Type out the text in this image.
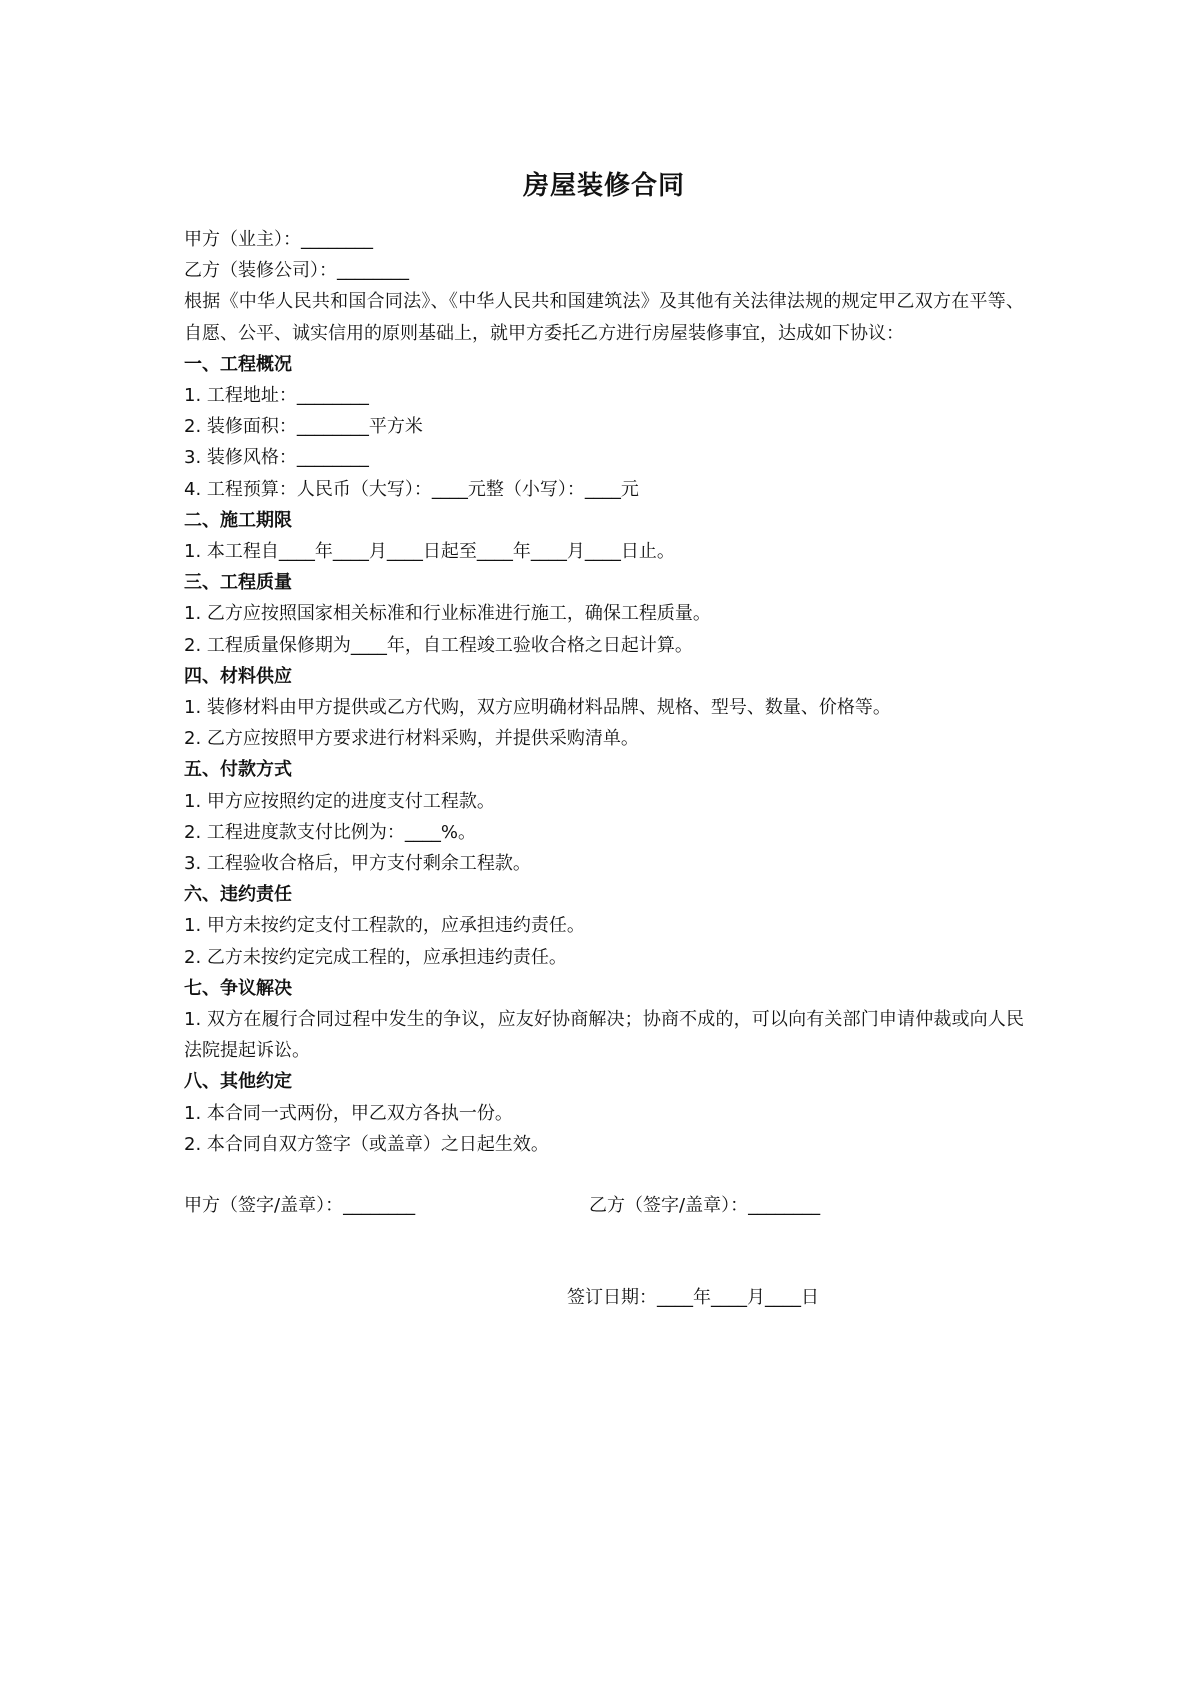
房屋装修合同
甲方（业主）：________
乙方（装修公司）：________
根据《中华人民共和国合同法》、《中华人民共和国建筑法》及其他有关法律法规的规定甲乙双方在平等、自愿、公平、诚实信用的原则基础上，就甲方委托乙方进行房屋装修事宜，达成如下协议：
一、工程概况
1. 工程地址：________
2. 装修面积：________平方米
3. 装修风格：________
4. 工程预算：人民币（大写）：____元整（小写）：____元
二、施工期限
1. 本工程自____年____月____日起至____年____月____日止。
三、工程质量
1. 乙方应按照国家相关标准和行业标准进行施工，确保工程质量。
2. 工程质量保修期为____年，自工程竣工验收合格之日起计算。
四、材料供应
1. 装修材料由甲方提供或乙方代购，双方应明确材料品牌、规格、型号、数量、价格等。
2. 乙方应按照甲方要求进行材料采购，并提供采购清单。
五、付款方式
1. 甲方应按照约定的进度支付工程款。
2. 工程进度款支付比例为：____%。
3. 工程验收合格后，甲方支付剩余工程款。
六、违约责任
1. 甲方未按约定支付工程款的，应承担违约责任。
2. 乙方未按约定完成工程的，应承担违约责任。
七、争议解决
1. 双方在履行合同过程中发生的争议，应友好协商解决；协商不成的，可以向有关部门申请仲裁或向人民法院提起诉讼。
八、其他约定
1. 本合同一式两份，甲乙双方各执一份。
2. 本合同自双方签字（或盖章）之日起生效。
甲方（签字/盖章）：________	乙方（签字/盖章）：________
签订日期：____年____月____日
